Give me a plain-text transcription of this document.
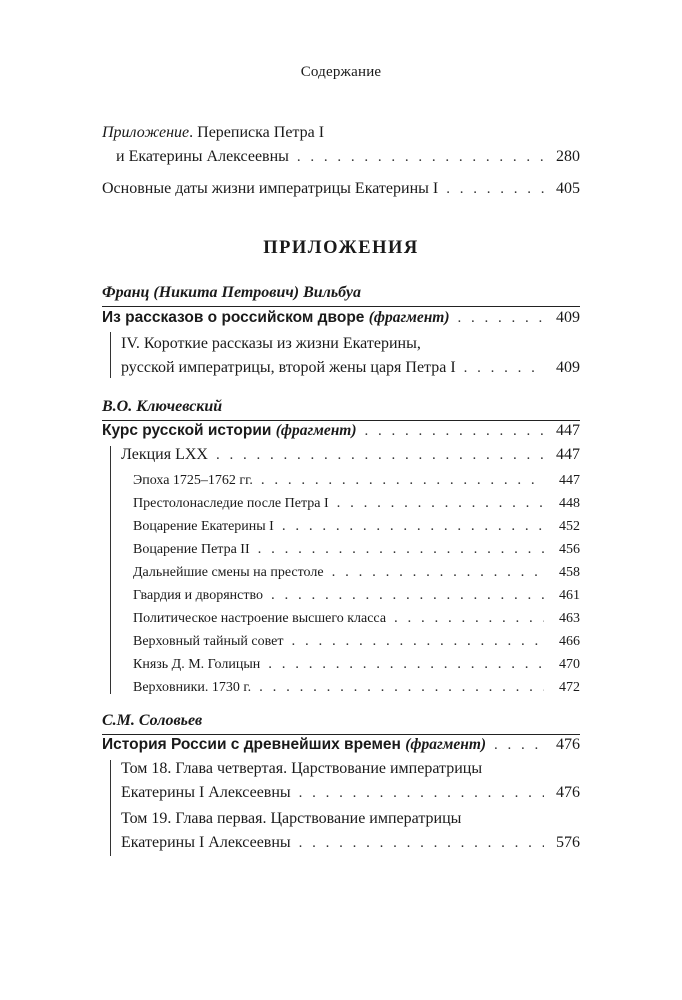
Содержание
Приложение. Переписка Петра I
и Екатерины Алексеевны . . .	280
Основные даты жизни императрицы Екатерины I . . .	405
ПРИЛОЖЕНИЯ
Франц (Никита Петрович) Вильбуа
Из рассказов о российском дворе (фрагмент) . . .	409
IV. Короткие рассказы из жизни Екатерины,
русской императрицы, второй жены царя Петра I . . .	409
В.О. Ключевский
Курс русской истории (фрагмент) . . .	447
Лекция LXX . . .	447
Эпоха 1725–1762 гг. . . .	447
Престолонаследие после Петра I . . .	448
Воцарение Екатерины I . . .	452
Воцарение Петра II . . .	456
Дальнейшие смены на престоле . . .	458
Гвардия и дворянство . . .	461
Политическое настроение высшего класса . . .	463
Верховный тайный совет . . .	466
Князь Д. М. Голицын . . .	470
Верховники. 1730 г. . . .	472
С.М. Соловьев
История России с древнейших времен (фрагмент) . . .	476
Том 18. Глава четвертая. Царствование императрицы
Екатерины I Алексеевны . . .	476
Том 19. Глава первая. Царствование императрицы
Екатерины I Алексеевны . . .	576
